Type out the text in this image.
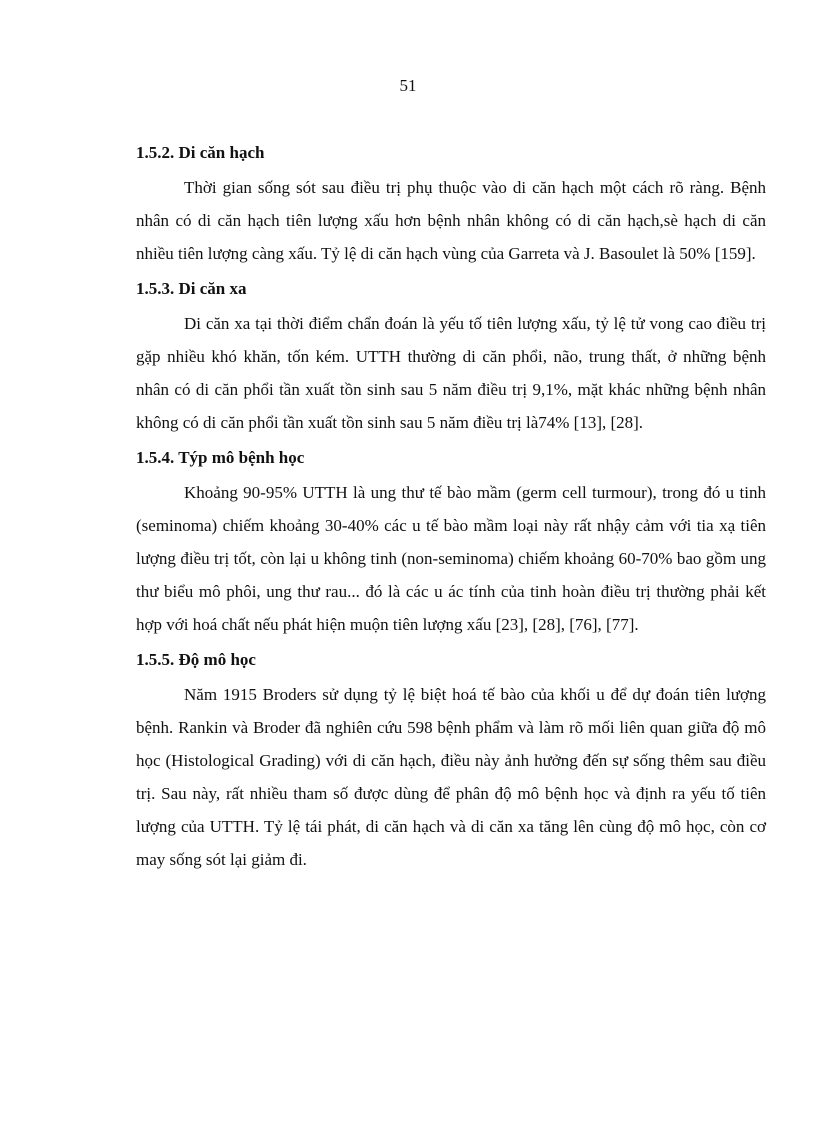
51
1.5.2. Di căn hạch

Thời gian sống sót sau điều trị phụ thuộc vào di căn hạch một cách rõ ràng. Bệnh nhân có di căn hạch tiên lượng xấu hơn bệnh nhân không có di căn hạch,sè hạch di căn nhiều tiên lượng càng xấu. Tỷ lệ di căn hạch vùng của Garreta và J. Basoulet là 50% [159].

1.5.3. Di căn xa

Di căn xa tại thời điểm chẩn đoán là yếu tố tiên lượng xấu, tỷ lệ tử vong cao điều trị gặp nhiều khó khăn, tốn kém. UTTH thường di căn phổi, não, trung thất, ở những bệnh nhân có di căn phổi tần xuất tồn sinh sau 5 năm điều trị 9,1%, mặt khác những bệnh nhân không có di căn phổi tần xuất tồn sinh sau 5 năm điều trị là74% [13], [28].

1.5.4. Týp mô bệnh học

Khoảng 90-95% UTTH là ung thư tế bào mầm (germ cell turmour), trong đó u tinh (seminoma) chiếm khoảng 30-40% các u tế bào mầm loại này rất nhậy cảm với tia xạ tiên lượng điều trị tốt, còn lại u không tinh (non-seminoma) chiếm khoảng 60-70% bao gồm ung thư biểu mô phôi, ung thư rau... đó là các u ác tính của tinh hoàn điều trị thường phải kết hợp với hoá chất nếu phát hiện muộn tiên lượng xấu [23], [28], [76], [77].

1.5.5. Độ mô học

Năm 1915 Broders sử dụng tỷ lệ biệt hoá tế bào của khối u để dự đoán tiên lượng bệnh. Rankin và Broder đã nghiên cứu 598 bệnh phẩm và làm rõ mối liên quan giữa độ mô học (Histological Grading) với di căn hạch, điều này ảnh hưởng đến sự sống thêm sau điều trị. Sau này, rất nhiều tham số được dùng để phân độ mô bệnh học và định ra yếu tố tiên lượng của UTTH. Tỷ lệ tái phát, di căn hạch và di căn xa tăng lên cùng độ mô học, còn cơ may sống sót lại giảm đi.
